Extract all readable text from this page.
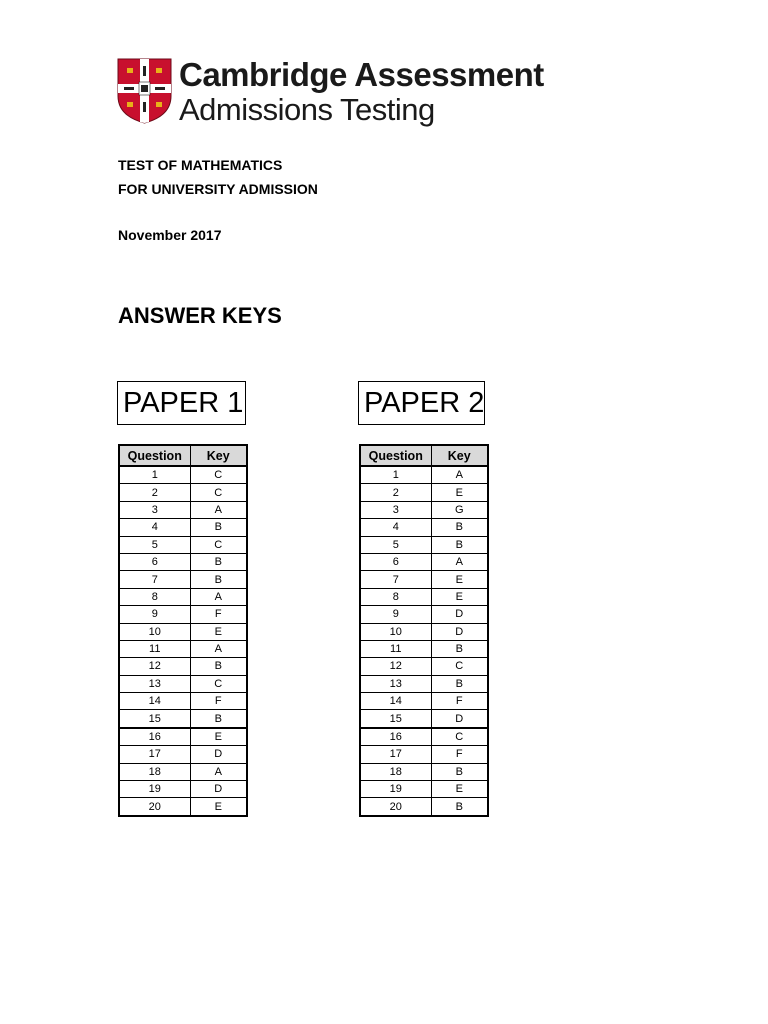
Cambridge Assessment
Admissions Testing
TEST OF MATHEMATICS
FOR UNIVERSITY ADMISSION
November 2017
ANSWER KEYS
PAPER 1	PAPER 2
Question	Key
1	C
2	C
3	A
4	B
5	C
6	B
7	B
8	A
9	F
10	E
11	A
12	B
13	C
14	F
15	B
16	E
17	D
18	A
19	D
20	E
Question	Key
1	A
2	E
3	G
4	B
5	B
6	A
7	E
8	E
9	D
10	D
11	B
12	C
13	B
14	F
15	D
16	C
17	F
18	B
19	E
20	B
